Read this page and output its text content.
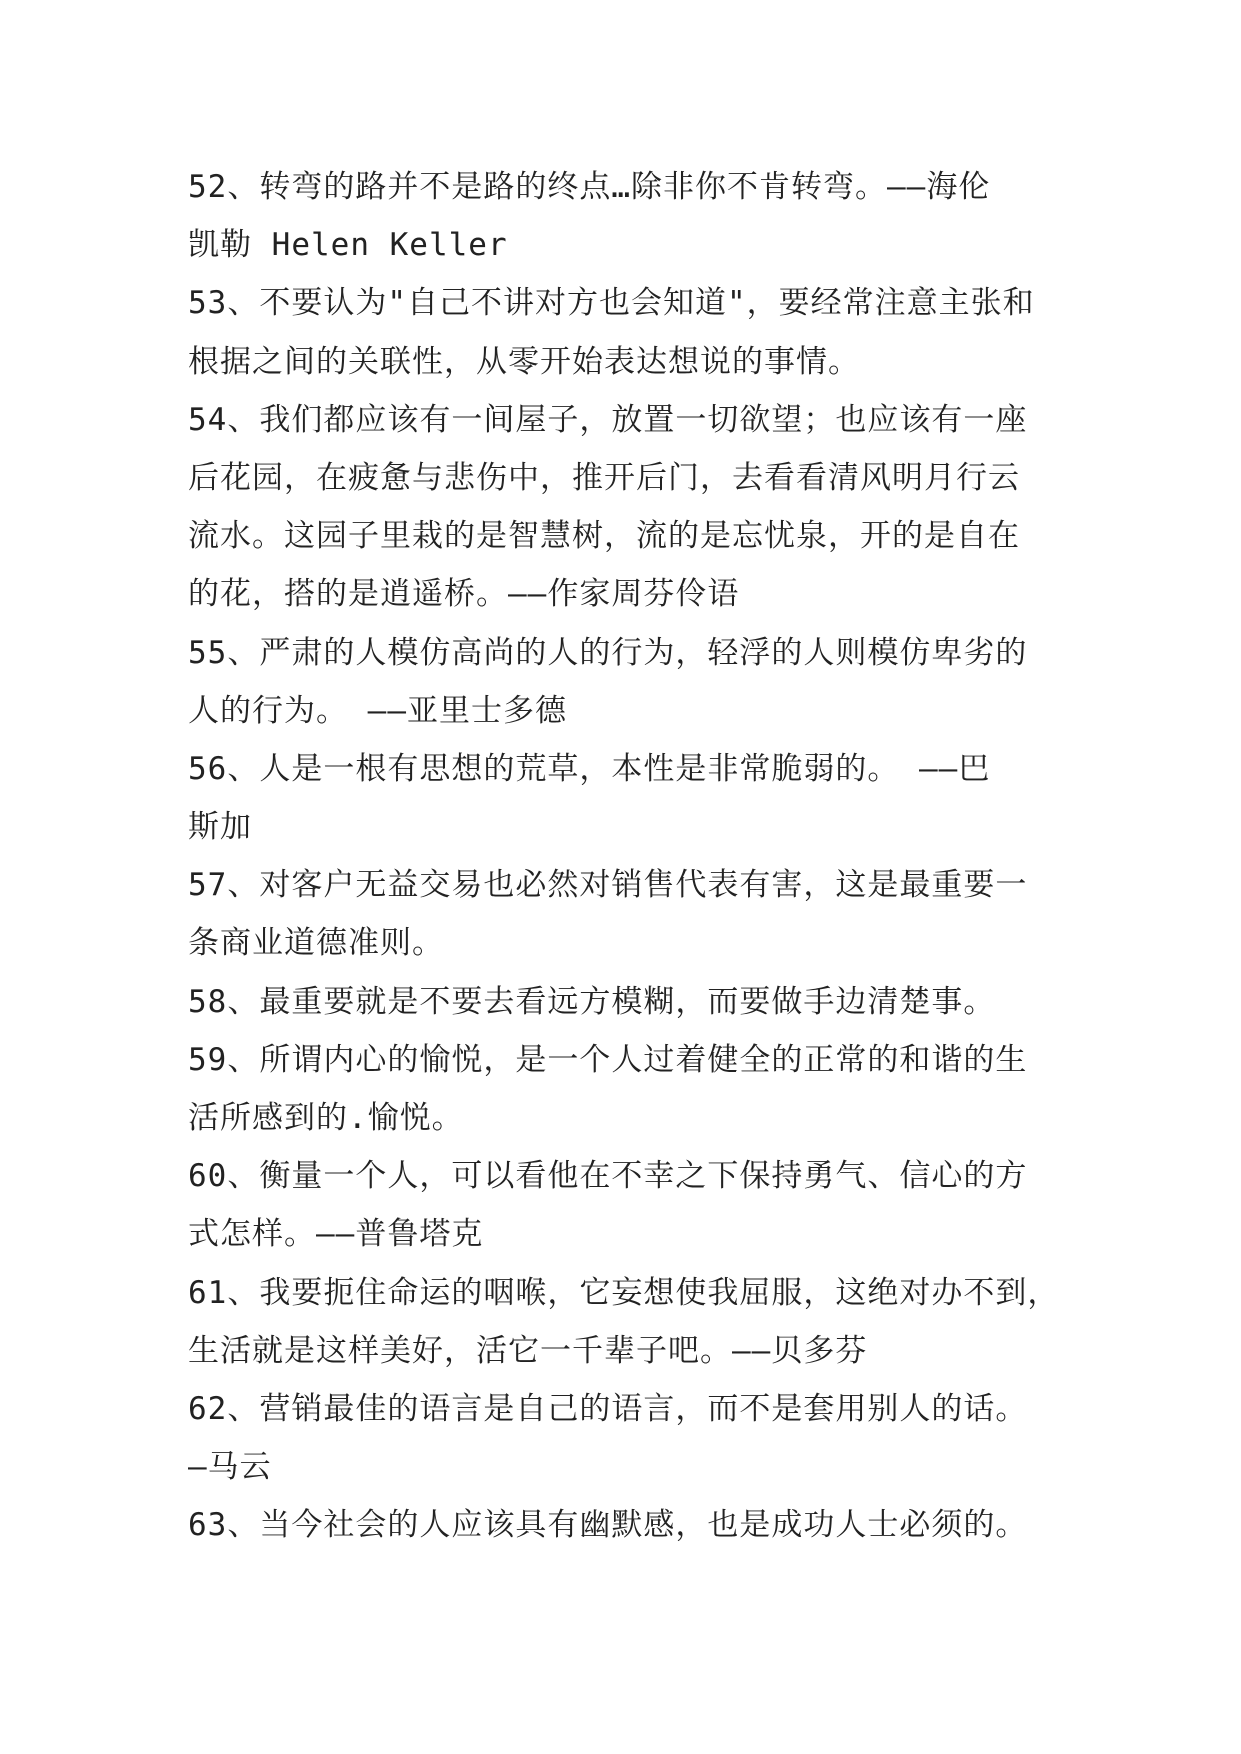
52、转弯的路并不是路的终点…除非你不肯转弯。——海伦
凯勒 Helen Keller
53、不要认为"自己不讲对方也会知道"，要经常注意主张和
根据之间的关联性，从零开始表达想说的事情。
54、我们都应该有一间屋子，放置一切欲望；也应该有一座
后花园，在疲惫与悲伤中，推开后门，去看看清风明月行云
流水。这园子里栽的是智慧树，流的是忘忧泉，开的是自在
的花，搭的是逍遥桥。——作家周芬伶语
55、严肃的人模仿高尚的人的行为，轻浮的人则模仿卑劣的
人的行为。 ——亚里士多德
56、人是一根有思想的荒草，本性是非常脆弱的。 ——巴
斯加
57、对客户无益交易也必然对销售代表有害，这是最重要一
条商业道德准则。
58、最重要就是不要去看远方模糊，而要做手边清楚事。
59、所谓内心的愉悦，是一个人过着健全的正常的和谐的生
活所感到的.愉悦。
60、衡量一个人，可以看他在不幸之下保持勇气、信心的方
式怎样。——普鲁塔克
61、我要扼住命运的咽喉，它妄想使我屈服，这绝对办不到，
生活就是这样美好，活它一千辈子吧。——贝多芬
62、营销最佳的语言是自己的语言，而不是套用别人的话。
—马云
63、当今社会的人应该具有幽默感，也是成功人士必须的。
